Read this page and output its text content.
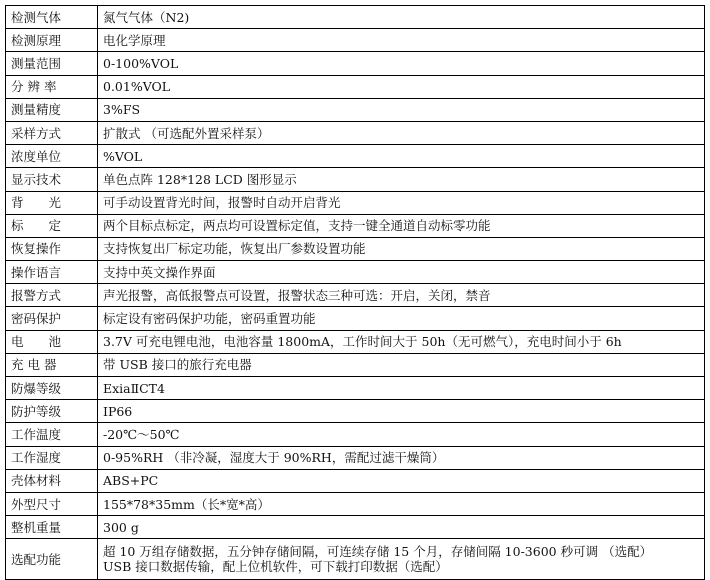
检测气体	氮气气体（N2)
检测原理	电化学原理
测量范围	0-100%VOL
分 辨 率	0.01%VOL
测量精度	3%FS
采样方式	扩散式 （可选配外置采样泵）
浓度单位	%VOL
显示技术	单色点阵 128*128 LCD 图形显示
背　　光	可手动设置背光时间，报警时自动开启背光
标　　定	两个目标点标定，两点均可设置标定值，支持一键全通道自动标零功能
恢复操作	支持恢复出厂标定功能，恢复出厂参数设置功能
操作语言	支持中英文操作界面
报警方式	声光报警，高低报警点可设置，报警状态三种可选：开启，关闭，禁音
密码保护	标定设有密码保护功能，密码重置功能
电　　池	3.7V 可充电锂电池，电池容量 1800mA，工作时间大于 50h（无可燃气），充电时间小于 6h
充 电 器	带 USB 接口的旅行充电器
防爆等级	ExiaⅡCT4
防护等级	IP66
工作温度	-20℃～50℃
工作湿度	0-95%RH （非冷凝，湿度大于 90%RH，需配过滤干燥筒）
壳体材料	ABS+PC
外型尺寸	155*78*35mm（长*宽*高）
整机重量	300 g
选配功能	超 10 万组存储数据，五分钟存储间隔，可连续存储 15 个月，存储间隔 10-3600 秒可调 （选配）
USB 接口数据传输，配上位机软件，可下载打印数据（选配）
